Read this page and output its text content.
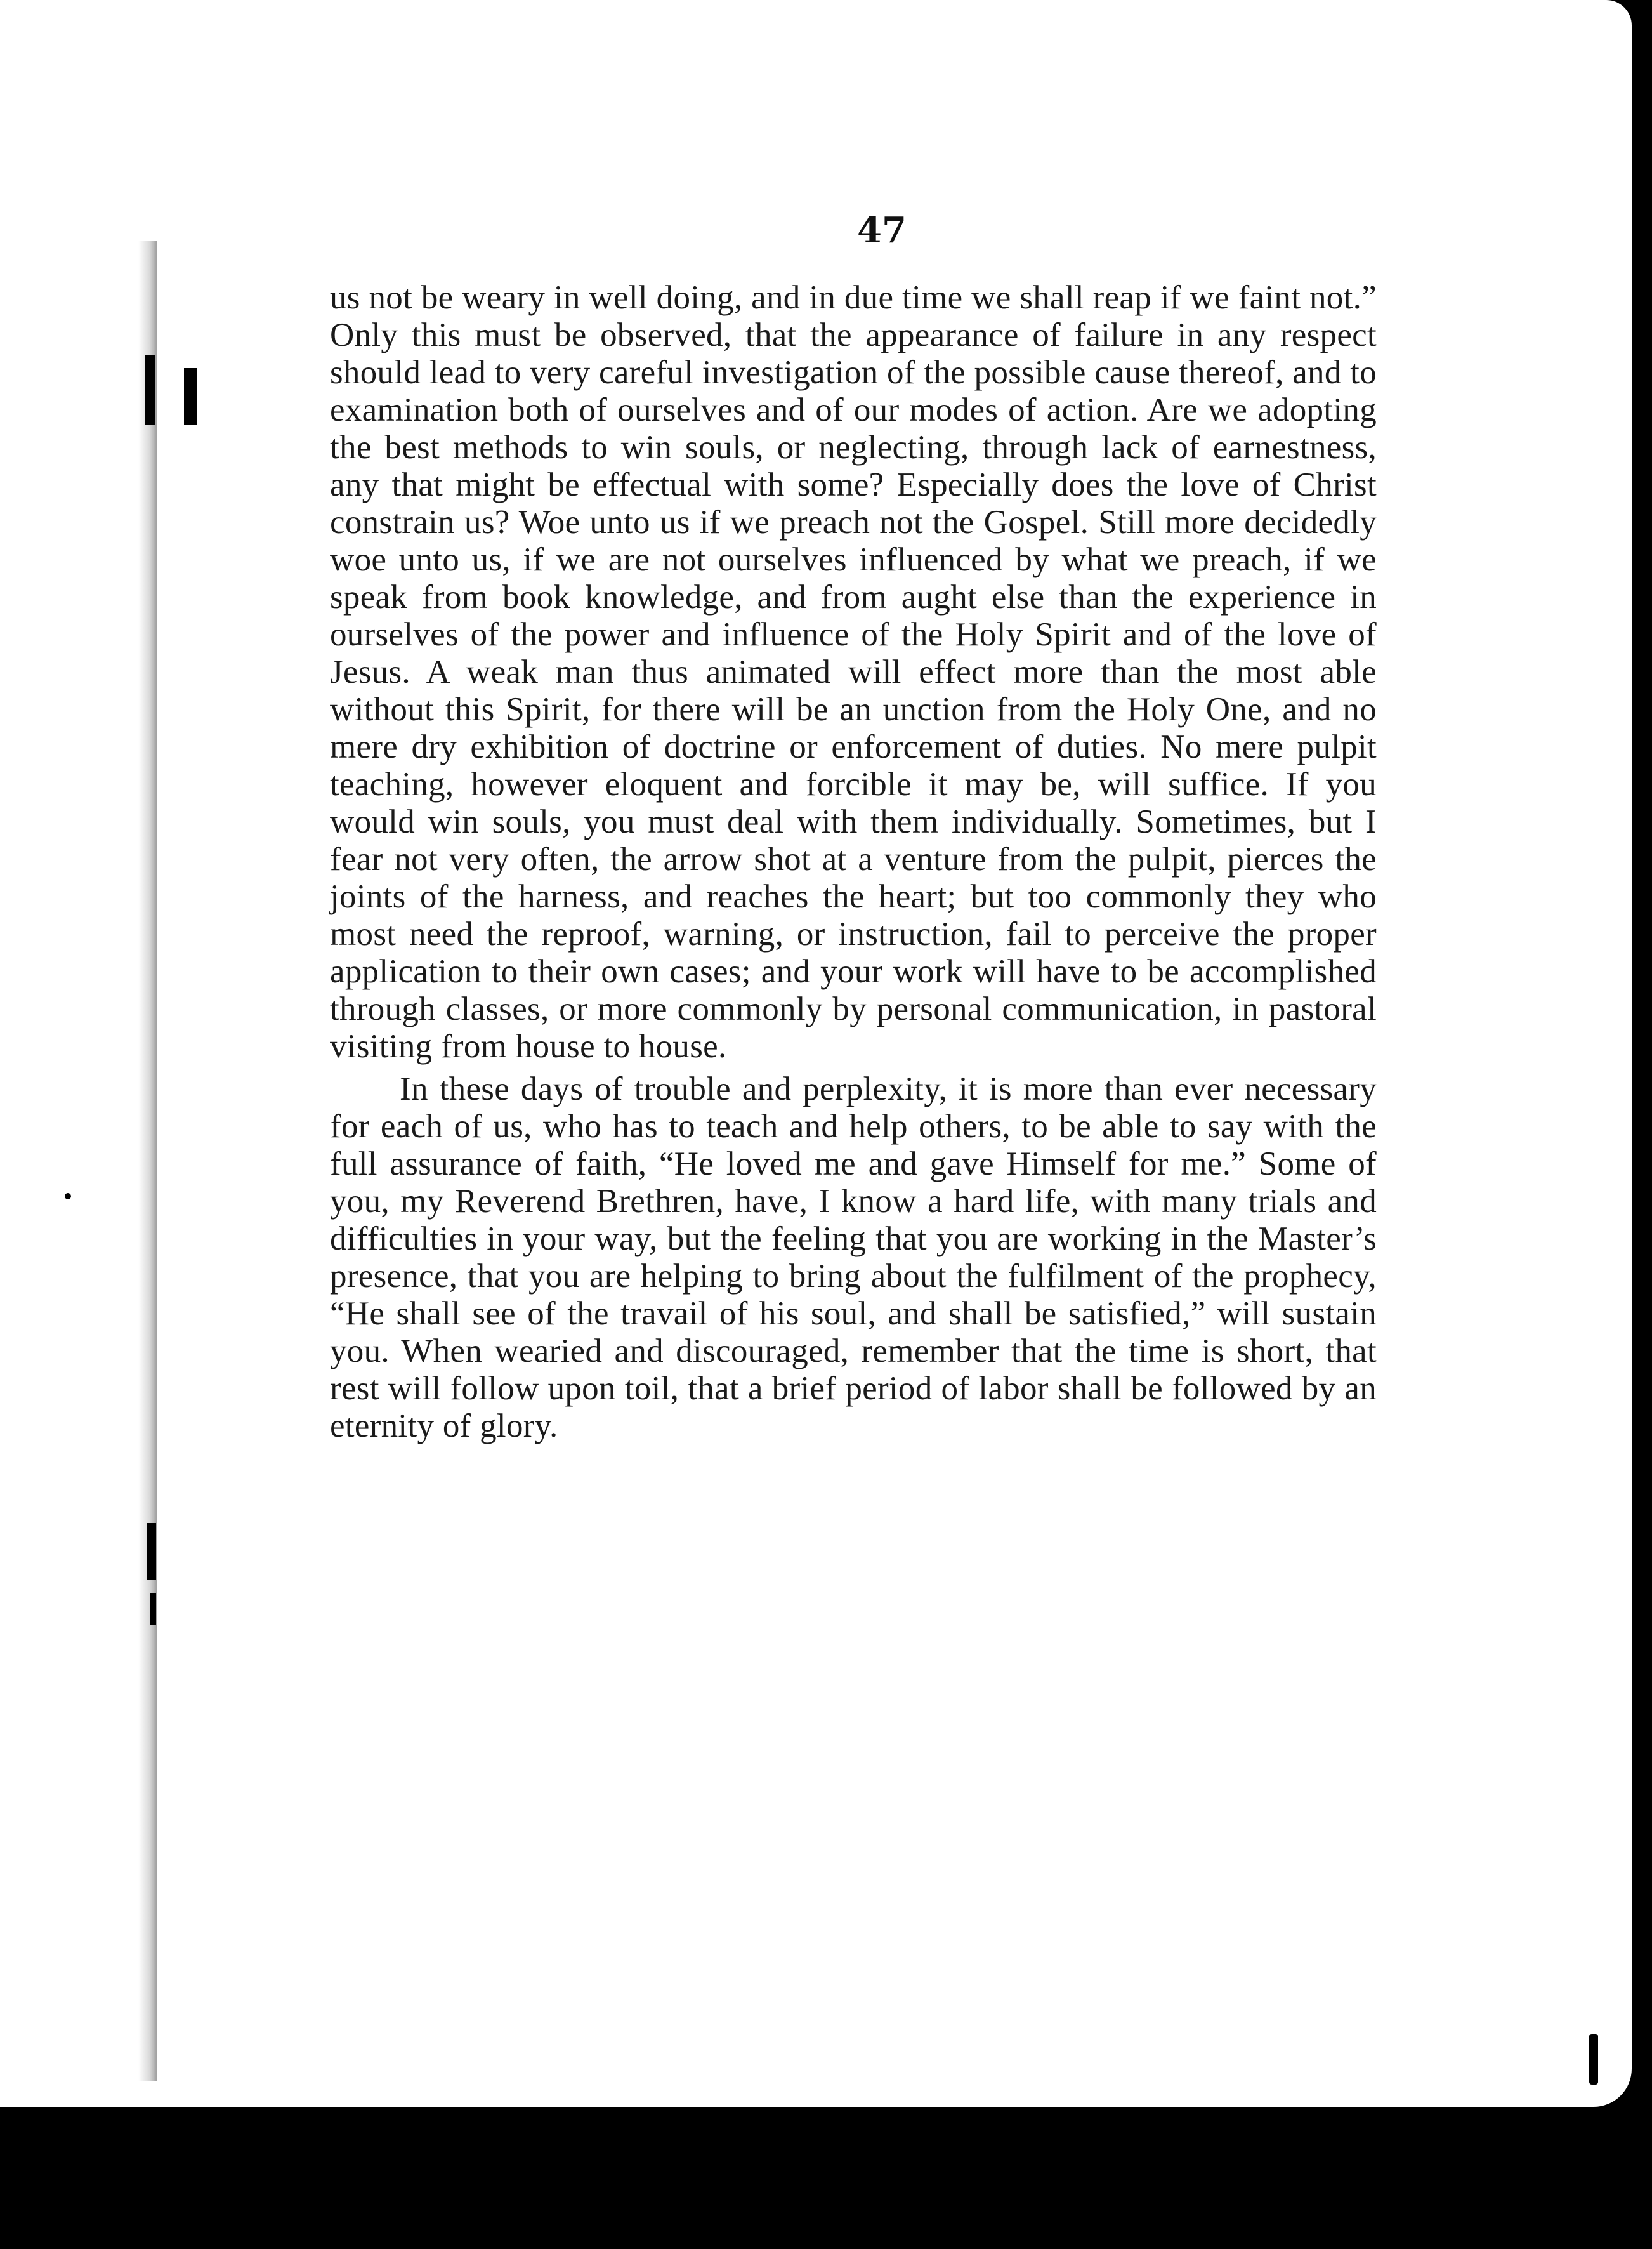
47

us not be weary in well doing, and in due time we shall reap if we faint not.” Only this must be observed, that the appearance of failure in any respect should lead to very careful investigation of the possible cause thereof, and to examination both of ourselves and of our modes of action. Are we adopting the best methods to win souls, or neglecting, through lack of earnestness, any that might be effectual with some? Especially does the love of Christ constrain us? Woe unto us if we preach not the Gospel. Still more decidedly woe unto us, if we are not ourselves influenced by what we preach, if we speak from book knowledge, and from aught else than the experience in ourselves of the power and influence of the Holy Spirit and of the love of Jesus. A weak man thus animated will effect more than the most able without this Spirit, for there will be an unction from the Holy One, and no mere dry exhibition of doctrine or enforcement of duties. No mere pulpit teaching, however eloquent and forcible it may be, will suffice. If you would win souls, you must deal with them individually. Sometimes, but I fear not very often, the arrow shot at a venture from the pulpit, pierces the joints of the harness, and reaches the heart; but too commonly they who most need the reproof, warning, or instruction, fail to perceive the proper application to their own cases; and your work will have to be accomplished through classes, or more commonly by personal communication, in pastoral visiting from house to house.

In these days of trouble and perplexity, it is more than ever necessary for each of us, who has to teach and help others, to be able to say with the full assurance of faith, “He loved me and gave Himself for me.” Some of you, my Reverend Brethren, have, I know a hard life, with many trials and difficulties in your way, but the feeling that you are working in the Master’s presence, that you are helping to bring about the fulfilment of the prophecy, “He shall see of the travail of his soul, and shall be satisfied,” will sustain you. When wearied and discouraged, remember that the time is short, that rest will follow upon toil, that a brief period of labor shall be followed by an eternity of glory.
